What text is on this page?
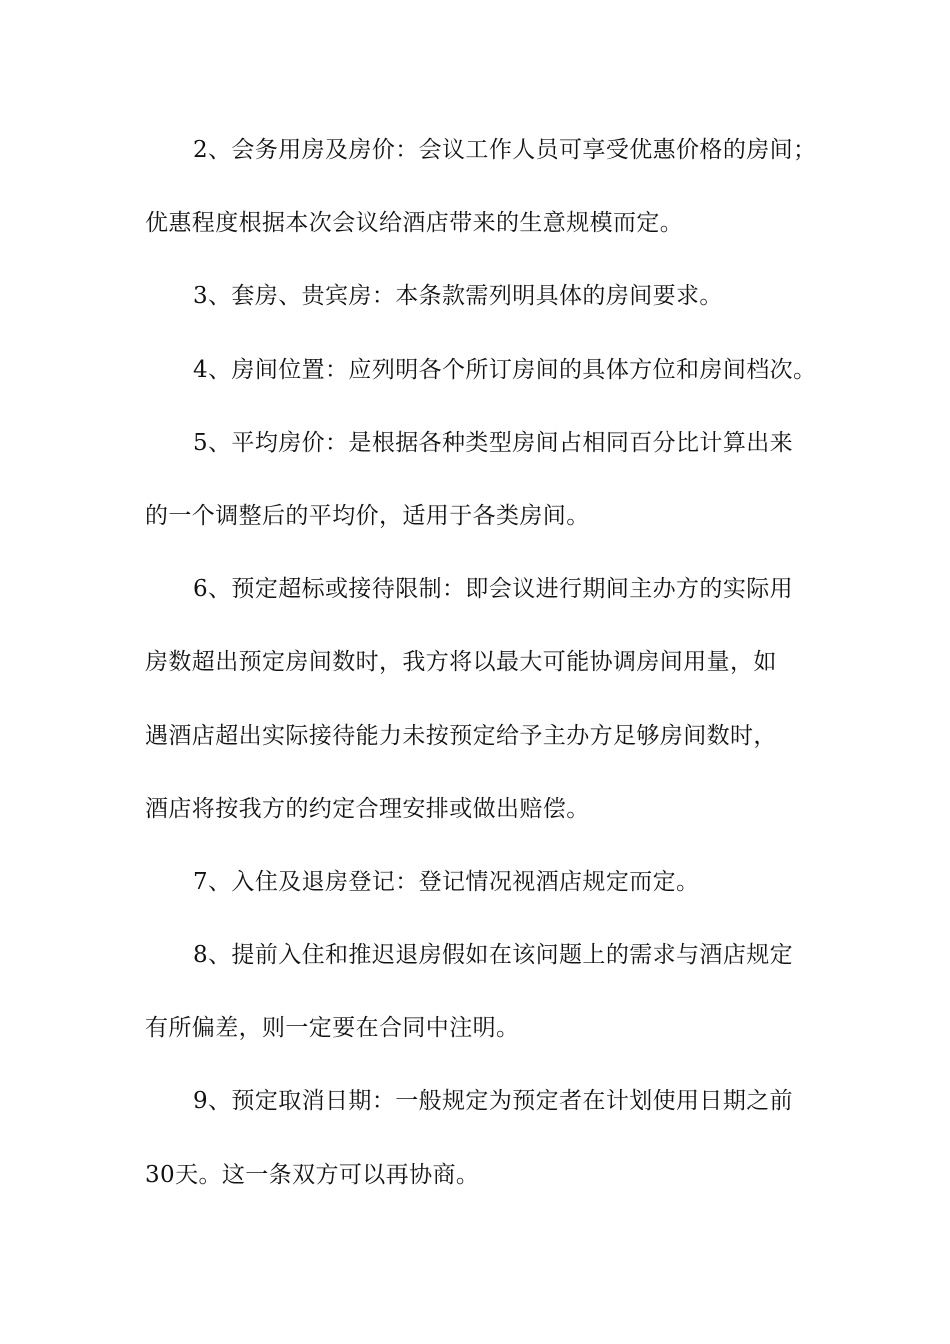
2、会务用房及房价：会议工作人员可享受优惠价格的房间；
优惠程度根据本次会议给酒店带来的生意规模而定。
3、套房、贵宾房：本条款需列明具体的房间要求。
4、房间位置：应列明各个所订房间的具体方位和房间档次。
5、平均房价：是根据各种类型房间占相同百分比计算出来
的一个调整后的平均价，适用于各类房间。
6、预定超标或接待限制：即会议进行期间主办方的实际用
房数超出预定房间数时，我方将以最大可能协调房间用量，如
遇酒店超出实际接待能力未按预定给予主办方足够房间数时，
酒店将按我方的约定合理安排或做出赔偿。
7、入住及退房登记：登记情况视酒店规定而定。
8、提前入住和推迟退房假如在该问题上的需求与酒店规定
有所偏差，则一定要在合同中注明。
9、预定取消日期：一般规定为预定者在计划使用日期之前
30天。这一条双方可以再协商。
